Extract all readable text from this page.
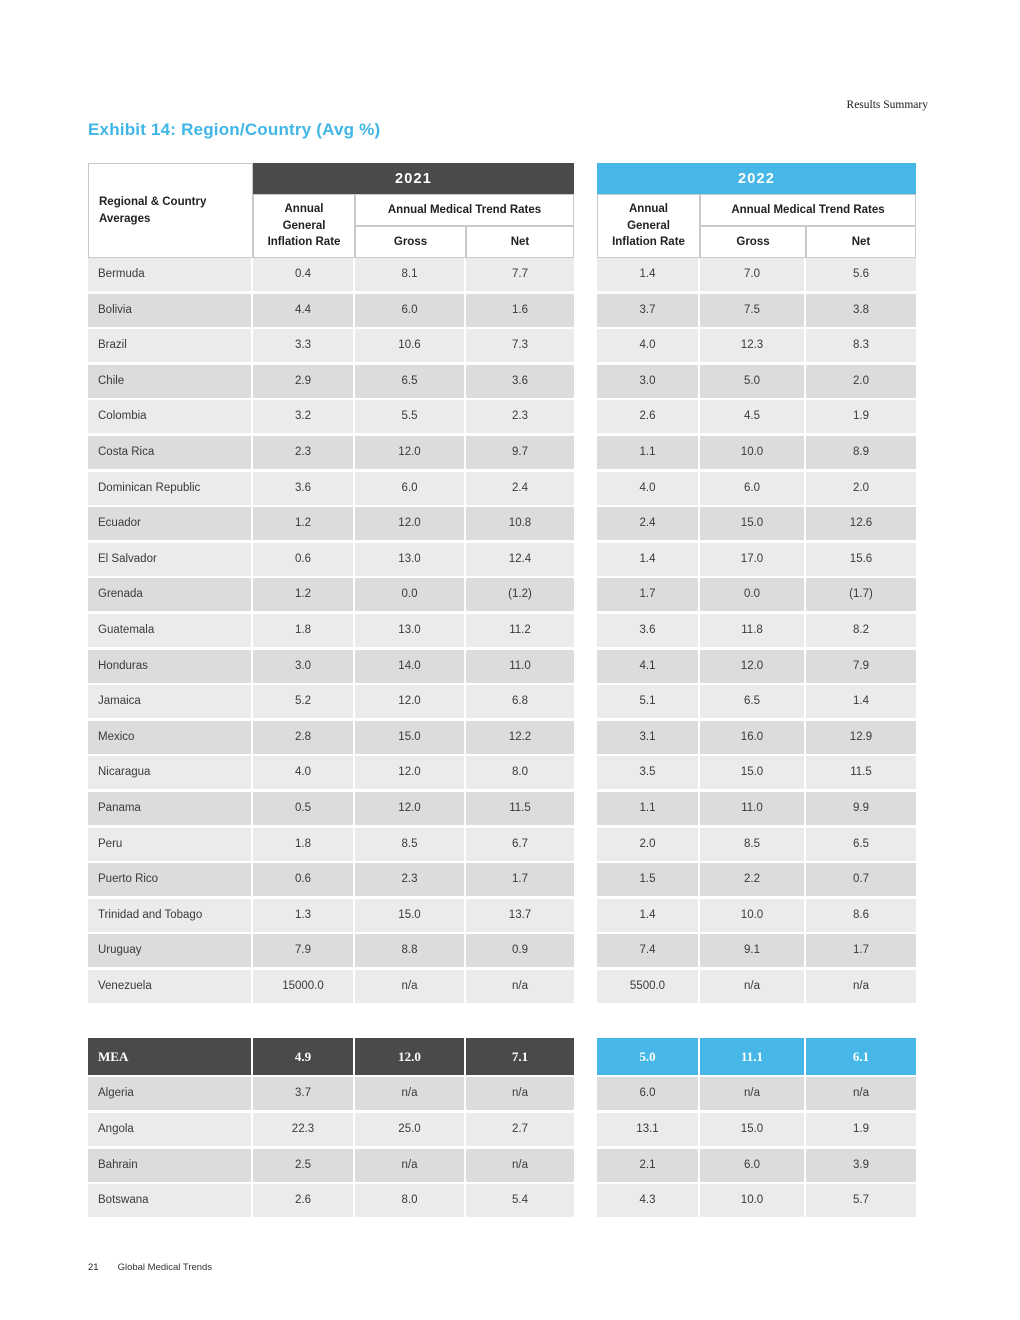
Results Summary
Exhibit 14: Region/Country (Avg %)
Regional & Country Averages
2021
Annual General Inflation Rate
Annual Medical Trend Rates
Gross	Net
2022
Annual General Inflation Rate
Annual Medical Trend Rates
Gross	Net
Bermuda	0.4	8.1	7.7	1.4	7.0	5.6
Bolivia	4.4	6.0	1.6	3.7	7.5	3.8
Brazil	3.3	10.6	7.3	4.0	12.3	8.3
Chile	2.9	6.5	3.6	3.0	5.0	2.0
Colombia	3.2	5.5	2.3	2.6	4.5	1.9
Costa Rica	2.3	12.0	9.7	1.1	10.0	8.9
Dominican Republic	3.6	6.0	2.4	4.0	6.0	2.0
Ecuador	1.2	12.0	10.8	2.4	15.0	12.6
El Salvador	0.6	13.0	12.4	1.4	17.0	15.6
Grenada	1.2	0.0	(1.2)	1.7	0.0	(1.7)
Guatemala	1.8	13.0	11.2	3.6	11.8	8.2
Honduras	3.0	14.0	11.0	4.1	12.0	7.9
Jamaica	5.2	12.0	6.8	5.1	6.5	1.4
Mexico	2.8	15.0	12.2	3.1	16.0	12.9
Nicaragua	4.0	12.0	8.0	3.5	15.0	11.5
Panama	0.5	12.0	11.5	1.1	11.0	9.9
Peru	1.8	8.5	6.7	2.0	8.5	6.5
Puerto Rico	0.6	2.3	1.7	1.5	2.2	0.7
Trinidad and Tobago	1.3	15.0	13.7	1.4	10.0	8.6
Uruguay	7.9	8.8	0.9	7.4	9.1	1.7
Venezuela	15000.0	n/a	n/a	5500.0	n/a	n/a
MEA	4.9	12.0	7.1	5.0	11.1	6.1
Algeria	3.7	n/a	n/a	6.0	n/a	n/a
Angola	22.3	25.0	2.7	13.1	15.0	1.9
Bahrain	2.5	n/a	n/a	2.1	6.0	3.9
Botswana	2.6	8.0	5.4	4.3	10.0	5.7
21 Global Medical Trends
